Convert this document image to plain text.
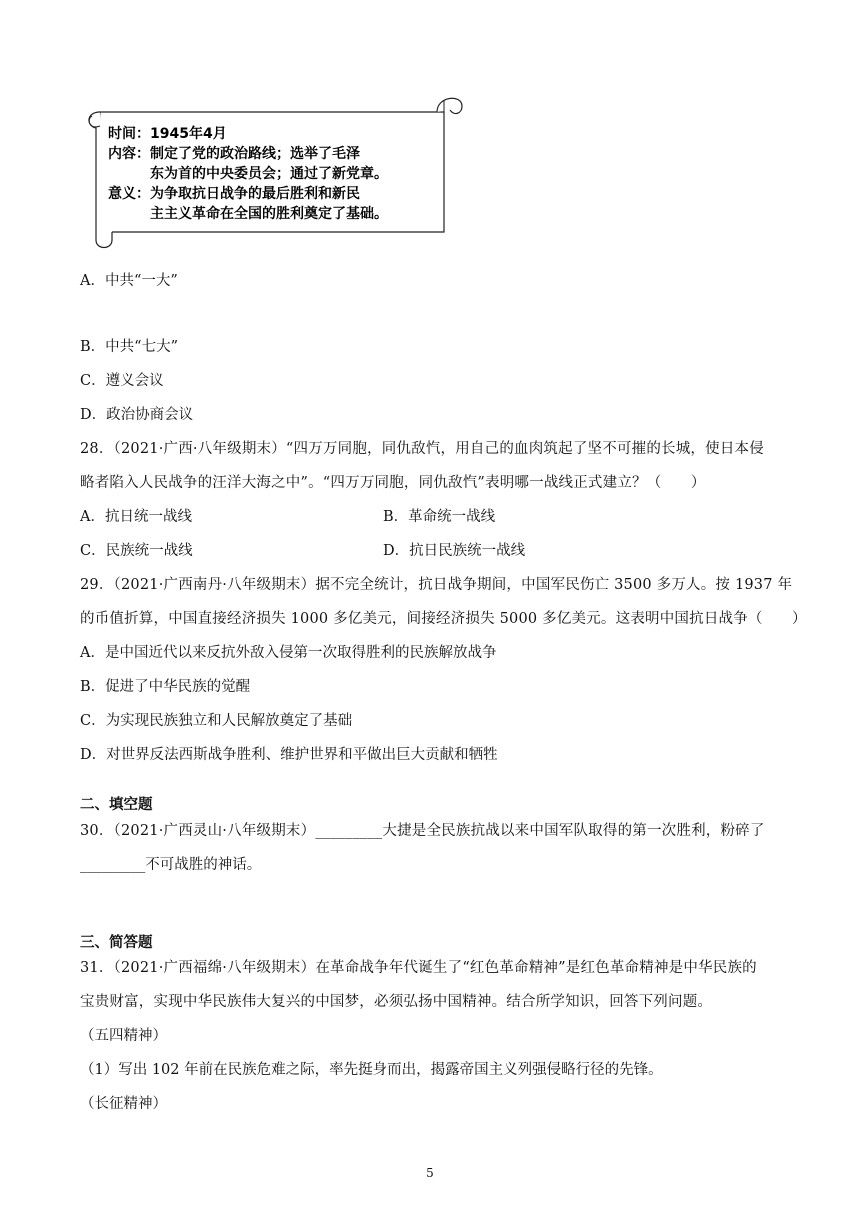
时间：1945年4月
内容：制定了党的政治路线；选举了毛泽
东为首的中央委员会；通过了新党章。
意义：为争取抗日战争的最后胜利和新民
主主义革命在全国的胜利奠定了基础。
A．中共“一大”
B．中共“七大”
C．遵义会议
D．政治协商会议
28．（2021·广西·八年级期末）“四万万同胞，同仇敌忾，用自己的血肉筑起了坚不可摧的长城，使日本侵
略者陷入人民战争的汪洋大海之中”。“四万万同胞，同仇敌忾”表明哪一战线正式建立？（　　）
A．抗日统一战线	B．革命统一战线
C．民族统一战线	D．抗日民族统一战线
29．（2021·广西南丹·八年级期末）据不完全统计，抗日战争期间，中国军民伤亡 3500 多万人。按 1937 年
的币值折算，中国直接经济损失 1000 多亿美元，间接经济损失 5000 多亿美元。这表明中国抗日战争（　　）
A．是中国近代以来反抗外敌入侵第一次取得胜利的民族解放战争
B．促进了中华民族的觉醒
C．为实现民族独立和人民解放奠定了基础
D．对世界反法西斯战争胜利、维护世界和平做出巨大贡献和牺牲
二、填空题
30．（2021·广西灵山·八年级期末）_________大捷是全民族抗战以来中国军队取得的第一次胜利，粉碎了
_________不可战胜的神话。
三、简答题
31．（2021·广西福绵·八年级期末）在革命战争年代诞生了“红色革命精神”是红色革命精神是中华民族的
宝贵财富，实现中华民族伟大复兴的中国梦，必须弘扬中国精神。结合所学知识，回答下列问题。
（五四精神）
（1）写出 102 年前在民族危难之际，率先挺身而出，揭露帝国主义列强侵略行径的先锋。
（长征精神）
5
